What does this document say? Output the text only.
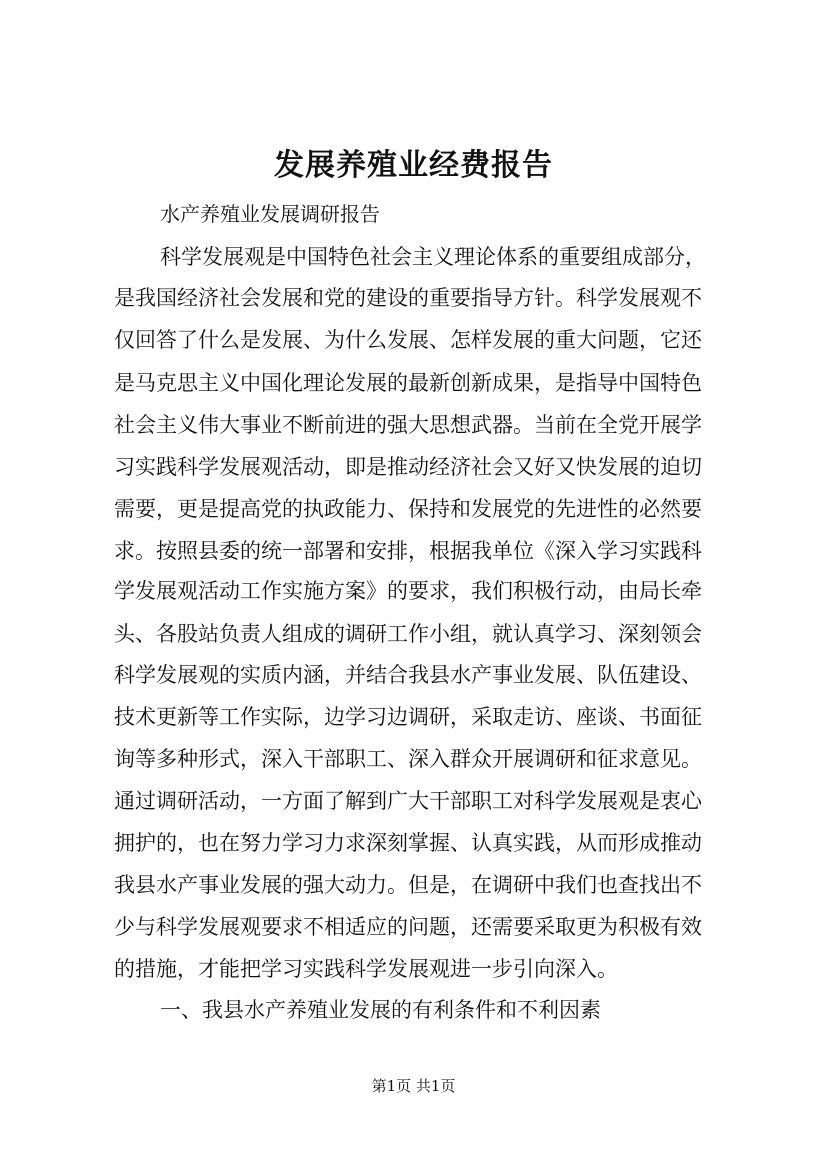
发展养殖业经费报告
水产养殖业发展调研报告
科学发展观是中国特色社会主义理论体系的重要组成部分，
是我国经济社会发展和党的建设的重要指导方针。科学发展观不
仅回答了什么是发展、为什么发展、怎样发展的重大问题，它还
是马克思主义中国化理论发展的最新创新成果，是指导中国特色
社会主义伟大事业不断前进的强大思想武器。当前在全党开展学
习实践科学发展观活动，即是推动经济社会又好又快发展的迫切
需要，更是提高党的执政能力、保持和发展党的先进性的必然要
求。按照县委的统一部署和安排，根据我单位《深入学习实践科
学发展观活动工作实施方案》的要求，我们积极行动，由局长牵
头、各股站负责人组成的调研工作小组，就认真学习、深刻领会
科学发展观的实质内涵，并结合我县水产事业发展、队伍建设、
技术更新等工作实际，边学习边调研，采取走访、座谈、书面征
询等多种形式，深入干部职工、深入群众开展调研和征求意见。
通过调研活动，一方面了解到广大干部职工对科学发展观是衷心
拥护的，也在努力学习力求深刻掌握、认真实践，从而形成推动
我县水产事业发展的强大动力。但是，在调研中我们也查找出不
少与科学发展观要求不相适应的问题，还需要采取更为积极有效
的措施，才能把学习实践科学发展观进一步引向深入。
一、我县水产养殖业发展的有利条件和不利因素
第1页 共1页
